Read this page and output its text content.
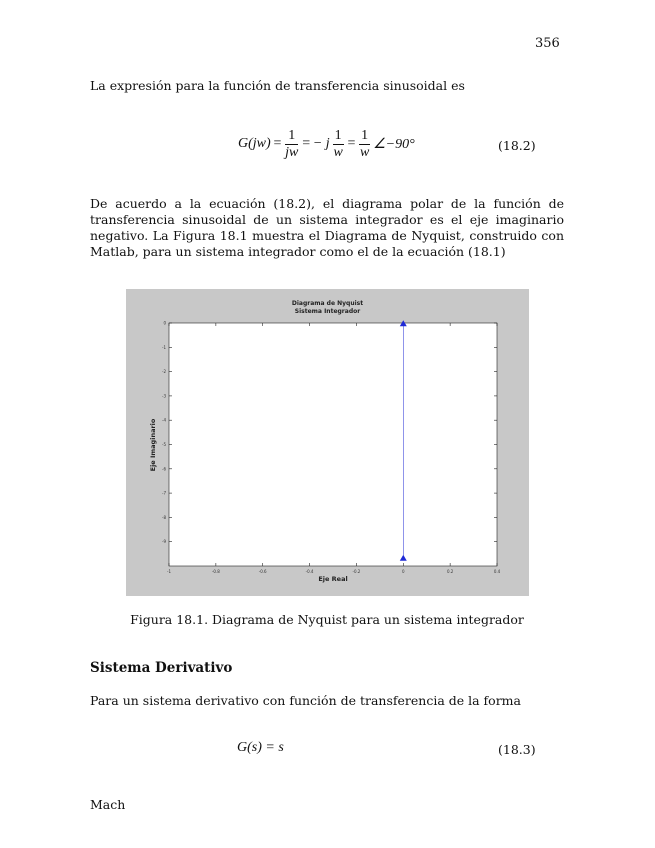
356
La expresión para la función de transferencia sinusoidal es
$G(jw) = \frac{1}{jw}$ = − j $\frac{1}{w} = \frac{1}{w}$ ∠−90°	(18.2)
De acuerdo a la ecuación (18.2), el diagrama polar de la función de transferencia sinusoidal de un sistema integrador es el eje imaginario negativo. La Figura 18.1 muestra el Diagrama de Nyquist, construido con Matlab, para un sistema integrador como el de la ecuación (18.1)
Diagrama de Nyquist
Sistema Integrador
-1	-0.8	-0.6	-0.4	-0.2	0	0.2	0.4
0
-1
-2
-3
-4
-5
-6
-7
-8
-9
Eje Real
Eje Imaginario
Figura 18.1. Diagrama de Nyquist para un sistema integrador
Sistema Derivativo
Para un sistema derivativo con función de transferencia de la forma
G(s) = s	(18.3)
Mach
